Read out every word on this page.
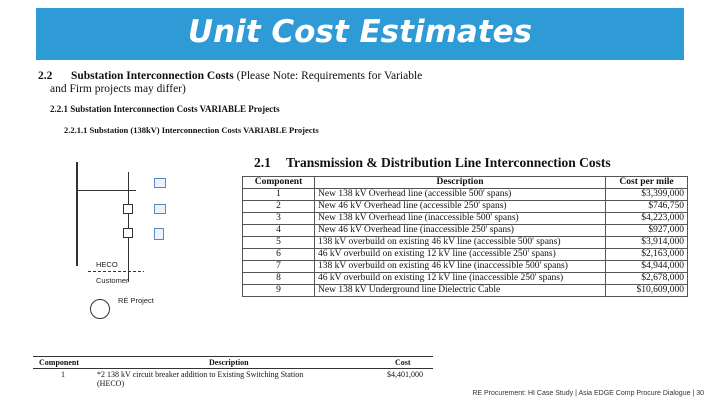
Unit Cost Estimates
2.2 Substation Interconnection Costs (Please Note: Requirements for Variable
and Firm projects may differ)
2.2.1 Substation Interconnection Costs VARIABLE Projects
2.2.1.1 Substation (138kV) Interconnection Costs VARIABLE Projects
HECO
Customer
RE Project
2.1 Transmission & Distribution Line Interconnection Costs
Component	Description	Cost per mile
1	New 138 kV Overhead line (accessible 500' spans)	$3,399,000
2	New 46 kV Overhead line (accessible 250' spans)	$746,750
3	New 138 kV Overhead line (inaccessible 500' spans)	$4,223,000
4	New 46 kV Overhead line (inaccessible 250' spans)	$927,000
5	138 kV overbuild on existing 46 kV line (accessible 500' spans)	$3,914,000
6	46 kV overbuild on existing 12 kV line (accessible 250' spans)	$2,163,000
7	138 kV overbuild on existing 46 kV line (inaccessible 500' spans)	$4,944,000
8	46 kV overbuild on existing 12 kV line (inaccessible 250' spans)	$2,678,000
9	New 138 kV Underground line Dielectric Cable	$10,609,000
Component	Description	Cost
1	*2 138 kV circuit breaker addition to Existing Switching Station
(HECO)
$4,401,000
RE Procurement: HI Case Study | Asia EDGE Comp Procure Dialogue | 30
